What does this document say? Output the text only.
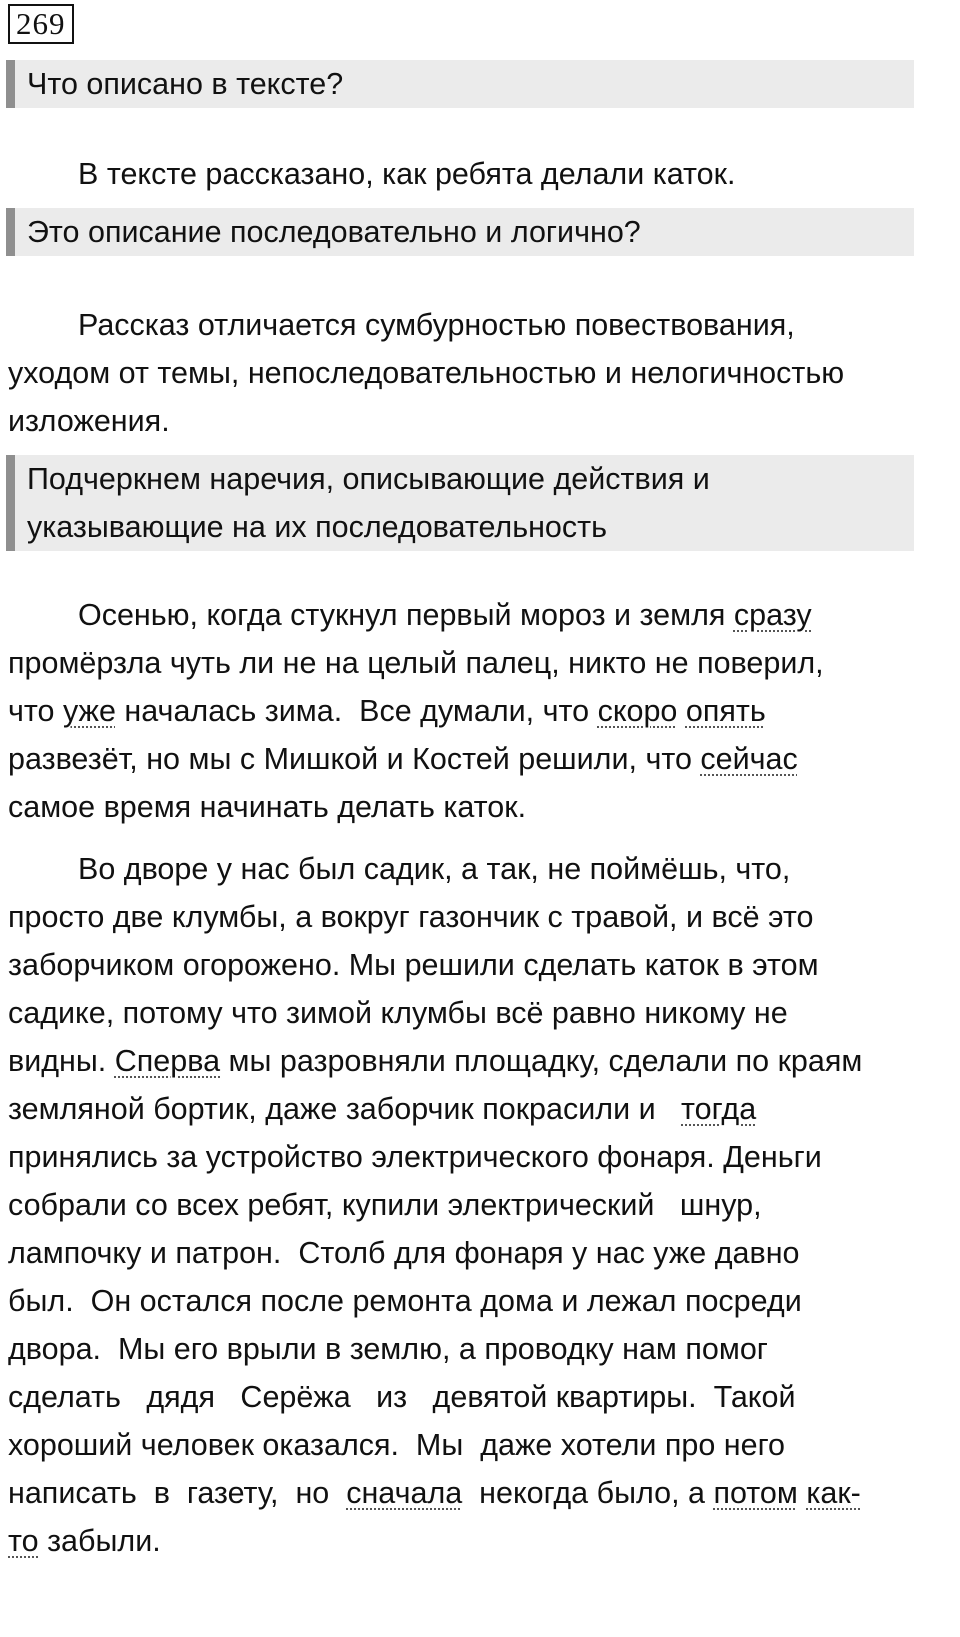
269
Что описано в тексте?
В тексте рассказано, как ребята делали каток.
Это описание последовательно и логично?
Рассказ отличается сумбурностью повествования,
уходом от темы, непоследовательностью и нелогичностью
изложения.
Подчеркнем наречия, описывающие действия и
указывающие на их последовательность
Осенью, когда стукнул первый мороз и земля сразу
промёрзла чуть ли не на целый палец, никто не поверил,
что уже началась зима.  Все думали, что скоро опять
развезёт, но мы с Мишкой и Костей решили, что сейчас
самое время начинать делать каток.
Во дворе у нас был садик, а так, не поймёшь, что,
просто две клумбы, а вокруг газончик с травой, и всё это
заборчиком огорожено. Мы решили сделать каток в этом
садике, потому что зимой клумбы всё равно никому не
видны. Сперва мы разровняли площадку, сделали по краям
земляной бортик, даже заборчик покрасили и   тогда
принялись за устройство электрического фонаря. Деньги
собрали со всех ребят, купили электрический   шнур,
лампочку и патрон.  Столб для фонаря у нас уже давно
был.  Он остался после ремонта дома и лежал посреди
двора.  Мы его врыли в землю, а проводку нам помог
сделать   дядя   Серёжа   из   девятой квартиры.  Такой
хороший человек оказался.  Мы  даже хотели про него
написать  в  газету,  но  сначала  некогда было, а потом как-
то забыли.
